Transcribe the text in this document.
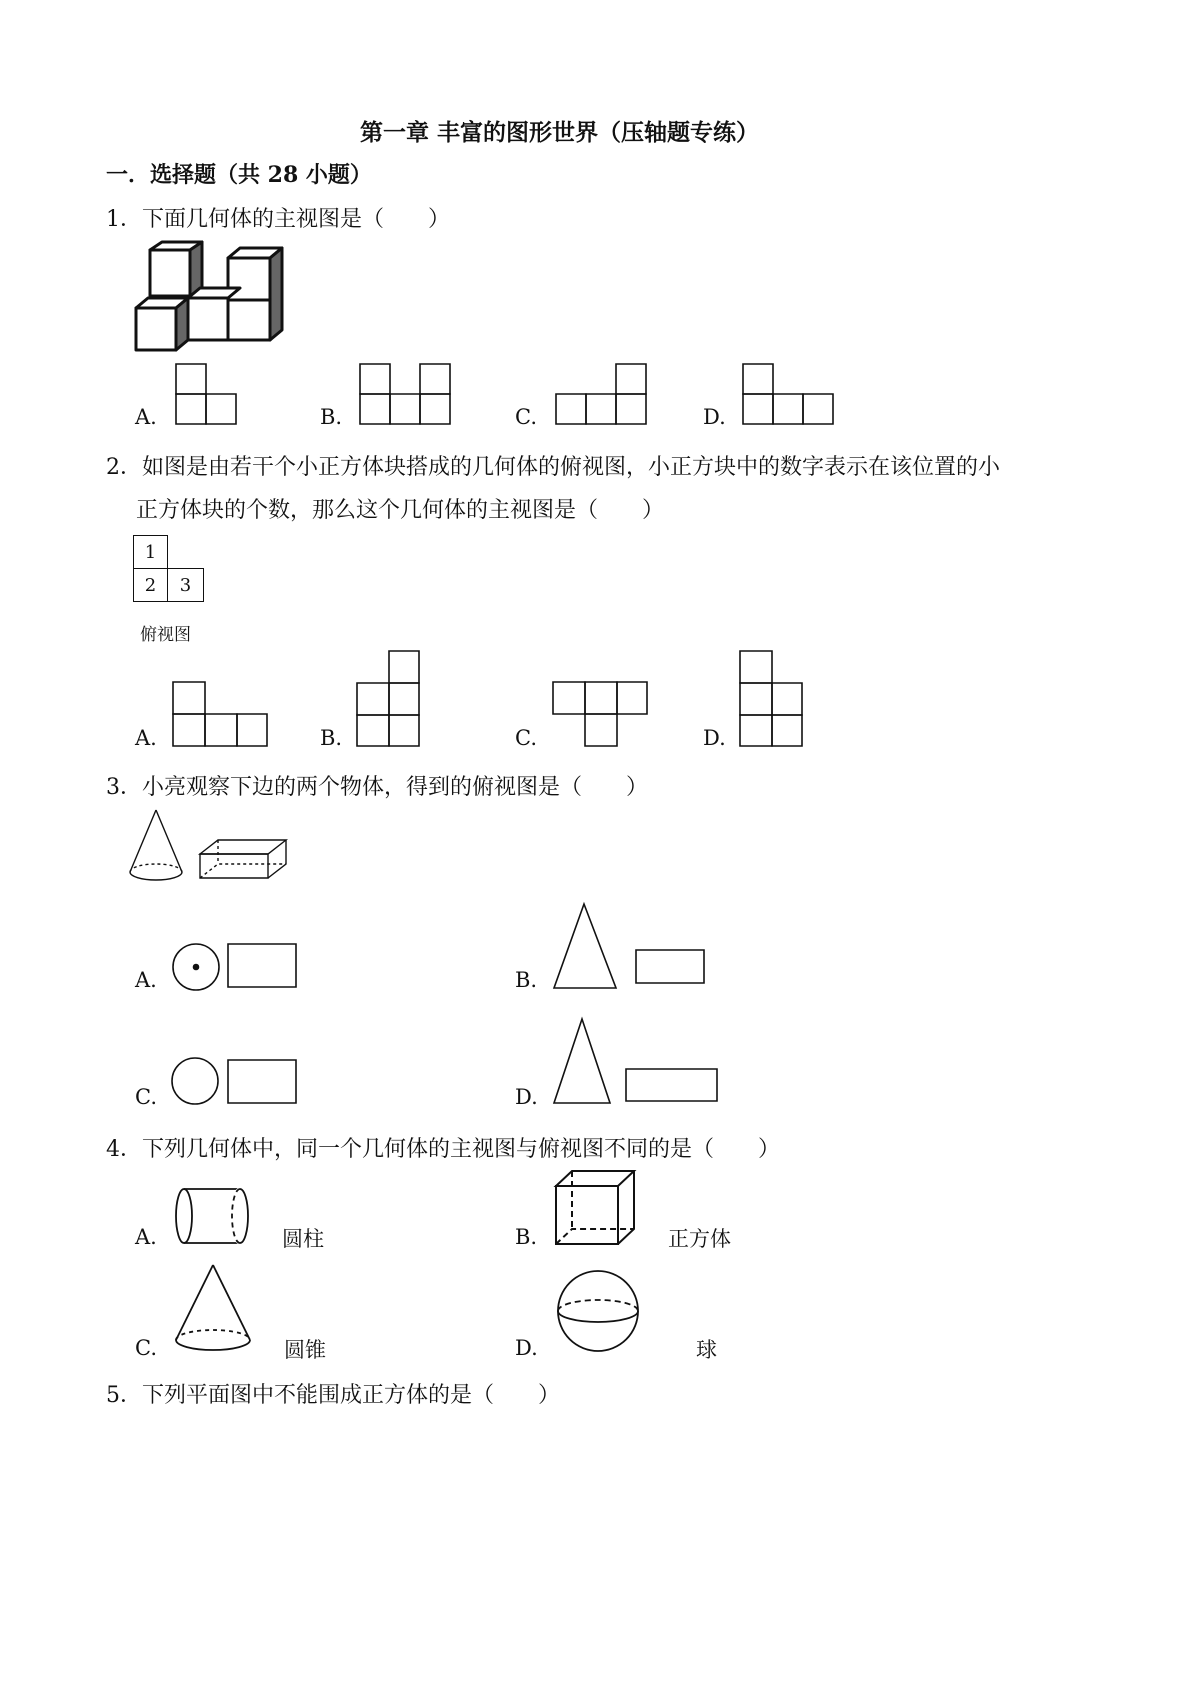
第一章 丰富的图形世界（压轴题专练）
一．选择题（共 28 小题）
1．下面几何体的主视图是（　　）
A.	B.	C.	D.
2．如图是由若干个小正方体块搭成的几何体的俯视图，小正方块中的数字表示在该位置的小
正方体块的个数，那么这个几何体的主视图是（　　）
1
2	3
俯视图
A.	B.	C.	D.
3．小亮观察下边的两个物体，得到的俯视图是（　　）
A.	B.
C.	D.
4．下列几何体中，同一个几何体的主视图与俯视图不同的是（　　）
A.	圆柱	B.	正方体
C.	圆锥	D.	球
5．下列平面图中不能围成正方体的是（　　）
